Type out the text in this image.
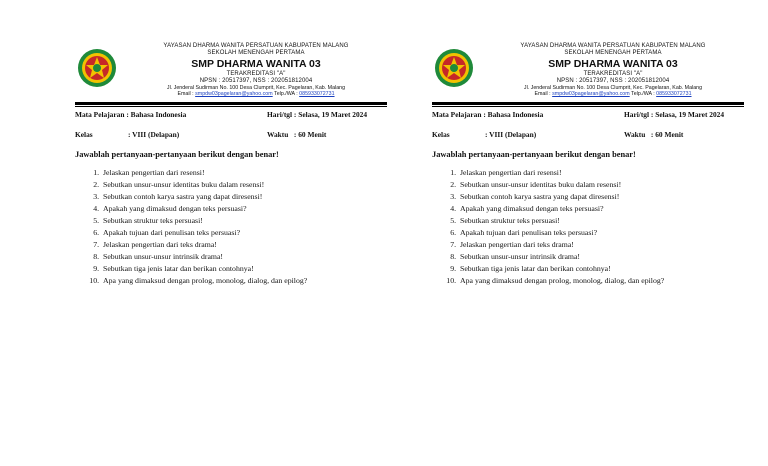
YAYASAN DHARMA WANITA PERSATUAN KABUPATEN MALANG
SEKOLAH MENENGAH PERTAMA
SMP DHARMA WANITA 03
TERAKREDITASI "A"
NPSN : 20517397, NSS : 202051812004
Jl. Jenderal Sudirman No. 100 Desa Clumprit, Kec. Pagelaran, Kab. Malang
Email : smpdw03pagelaran@yahoo.com Telp./WA : 085933072731
Mata Pelajaran : Bahasa Indonesia	Hari/tgl : Selasa, 19 Maret 2024
Kelas	: VIII (Delapan)	Waktu : 60 Menit
Jawablah pertanyaan-pertanyaan berikut dengan benar!
1. Jelaskan pengertian dari resensi!
2. Sebutkan unsur-unsur identitas buku dalam resensi!
3. Sebutkan contoh karya sastra yang dapat diresensi!
4. Apakah yang dimaksud dengan teks persuasi?
5. Sebutkan struktur teks persuasi!
6. Apakah tujuan dari penulisan teks persuasi?
7. Jelaskan pengertian dari teks drama!
8. Sebutkan unsur-unsur intrinsik drama!
9. Sebutkan tiga jenis latar dan berikan contohnya!
10. Apa yang dimaksud dengan prolog, monolog, dialog, dan epilog?
YAYASAN DHARMA WANITA PERSATUAN KABUPATEN MALANG
SEKOLAH MENENGAH PERTAMA
SMP DHARMA WANITA 03
TERAKREDITASI "A"
NPSN : 20517397, NSS : 202051812004
Jl. Jenderal Sudirman No. 100 Desa Clumprit, Kec. Pagelaran, Kab. Malang
Email : smpdw03pagelaran@yahoo.com Telp./WA : 085933072731
Mata Pelajaran : Bahasa Indonesia	Hari/tgl : Selasa, 19 Maret 2024
Kelas	: VIII (Delapan)	Waktu : 60 Menit
Jawablah pertanyaan-pertanyaan berikut dengan benar!
1. Jelaskan pengertian dari resensi!
2. Sebutkan unsur-unsur identitas buku dalam resensi!
3. Sebutkan contoh karya sastra yang dapat diresensi!
4. Apakah yang dimaksud dengan teks persuasi?
5. Sebutkan struktur teks persuasi!
6. Apakah tujuan dari penulisan teks persuasi?
7. Jelaskan pengertian dari teks drama!
8. Sebutkan unsur-unsur intrinsik drama!
9. Sebutkan tiga jenis latar dan berikan contohnya!
10. Apa yang dimaksud dengan prolog, monolog, dialog, dan epilog?
